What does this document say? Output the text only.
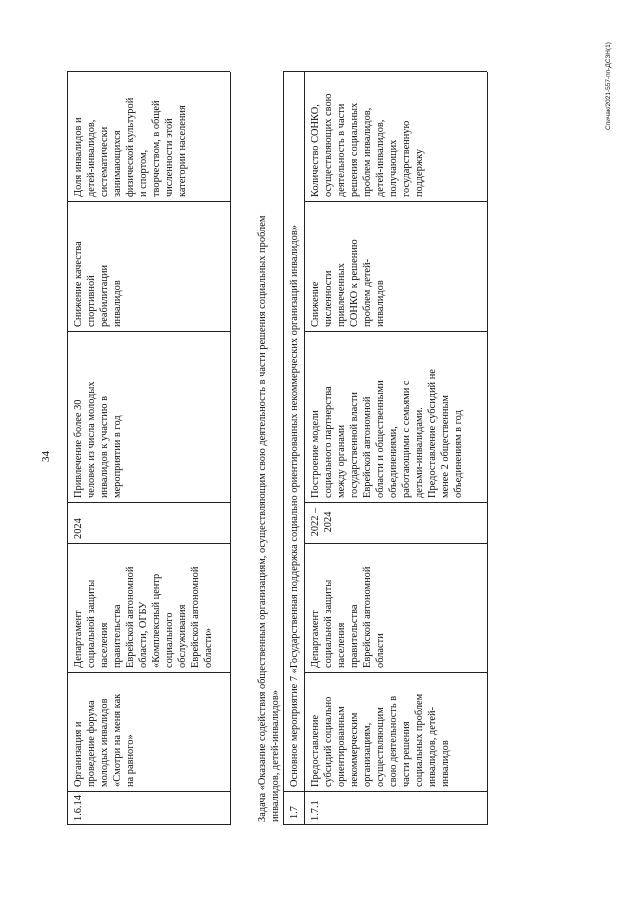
34
1.6.14
Организация и
проведение форума
молодых инвалидов
«Смотри на меня как
на равного»
Департамент
социальной защиты
населения
правительства
Еврейской автономной
области, ОГБУ
«Комплексный центр
социального
обслуживания
Еврейской автономной
области»
2024
Привлечение более 30
человек из числа молодых
инвалидов к участию в
мероприятии в год
Снижение качества
спортивной
реабилитации
инвалидов
Доля инвалидов и
детей-инвалидов,
систематически
занимающихся
физической культурой
и спортом,
творчеством, в общей
численности этой
категории населения
Задача «Оказание содействия общественным организациям, осуществляющим свою деятельность в части решения социальных проблем
инвалидов, детей-инвалидов»
1.7
Основное мероприятие 7 «Государственная поддержка социально ориентированных некоммерческих организаций инвалидов»
1.7.1
Предоставление
субсидий социально
ориентированным
некоммерческим
организациям,
осуществляющим
свою деятельность в
части решения
социальных проблем
инвалидов, детей-
инвалидов
Департамент
социальной защиты
населения
правительства
Еврейской автономной
области
2022 –
2024
Построение модели
социального партнерства
между органами
государственной власти
Еврейской автономной
области и общественными
объединениями,
работающими с семьями с
детьми-инвалидами.
Предоставление субсидий не
менее 2 общественным
объединениям в год
Снижение
численности
привлеченных
СОНКО к решению
проблем детей-
инвалидов
Количество СОНКО,
осуществляющих свою
деятельность в части
решения социальных
проблем инвалидов,
детей-инвалидов,
получающих
государственную
поддержку
Спичак/2021-557-пп-ДСЗН(1)
